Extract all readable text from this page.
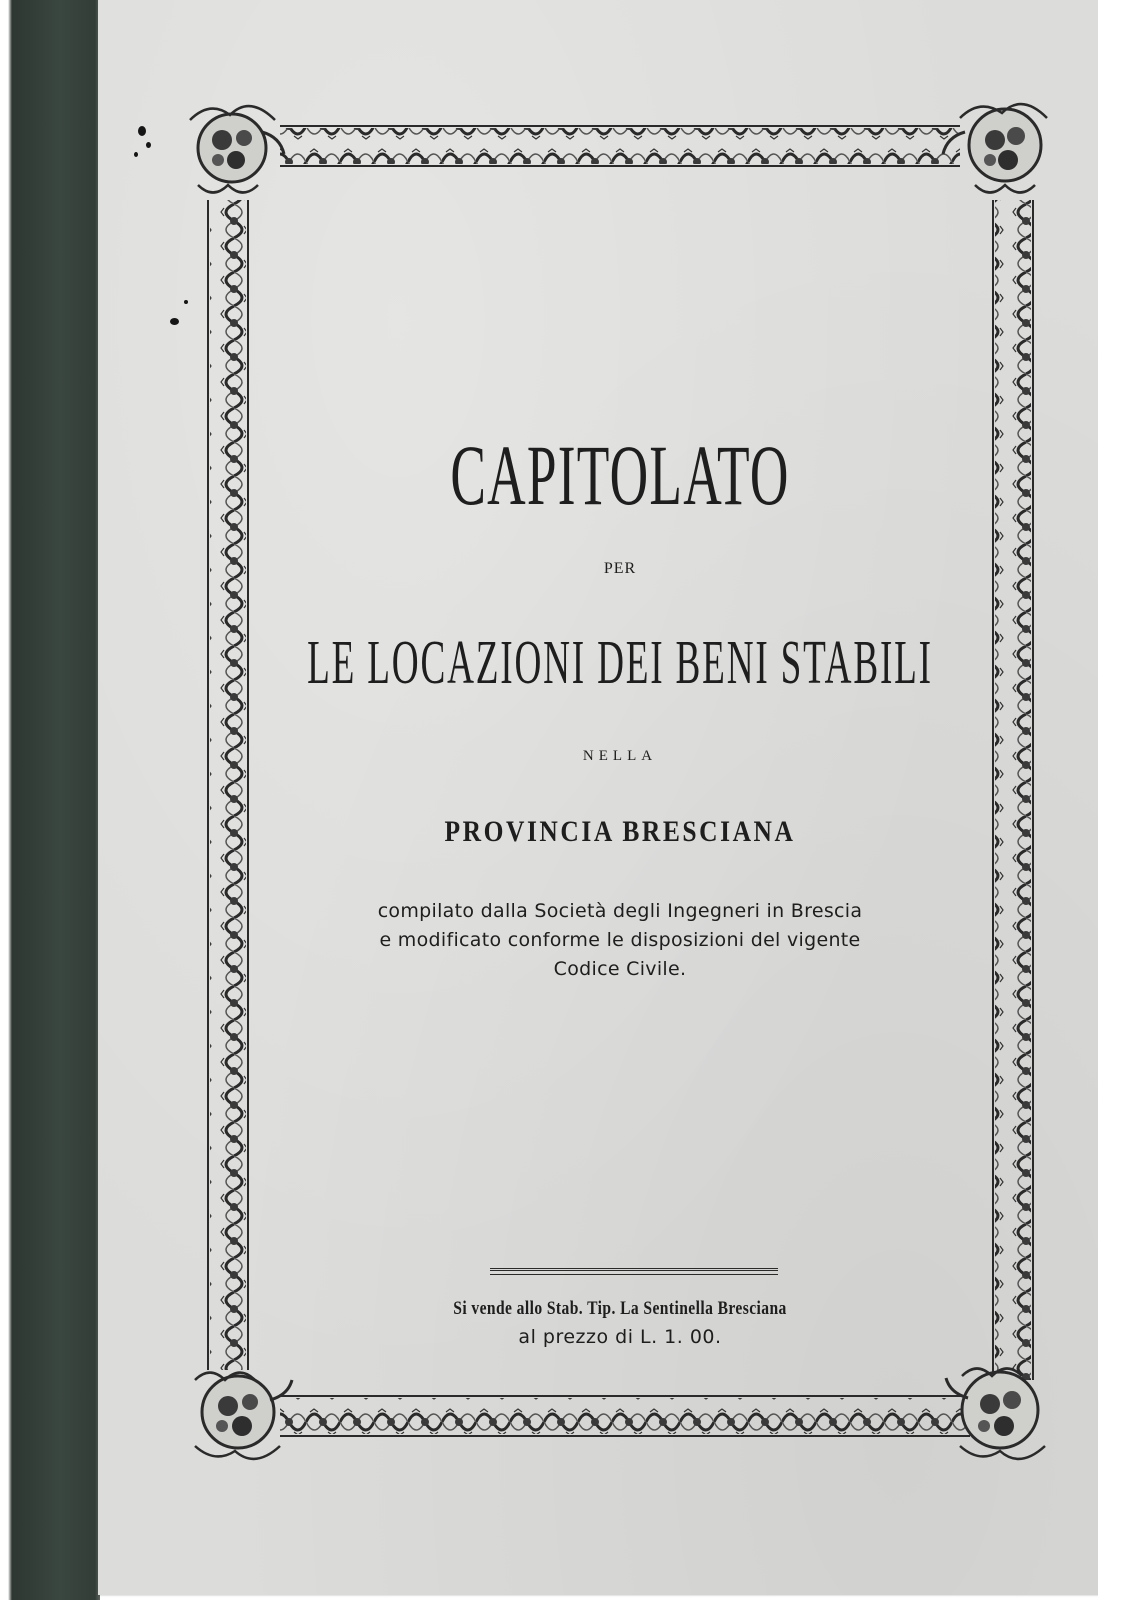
CAPITOLATO
PER
LE LOCAZIONI DEI BENI STABILI
NELLA
PROVINCIA BRESCIANA
compilato dalla Società degli Ingegneri in Brescia
e modificato conforme le disposizioni del vigente
Codice Civile.
Si vende allo Stab. Tip. La Sentinella Bresciana
al prezzo di L. 1. 00.
